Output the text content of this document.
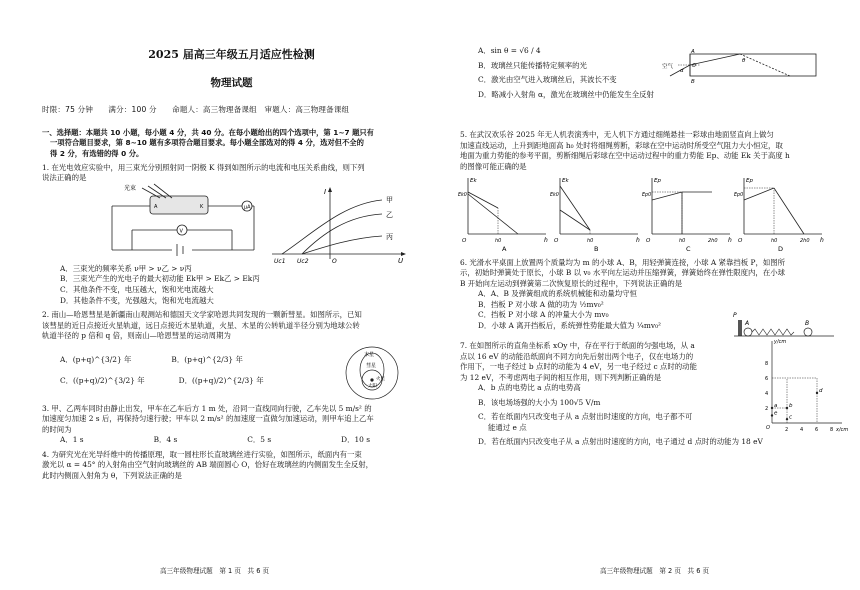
2025 届高三年级五月适应性检测
物理试题
时限：75 分钟　　满分：100 分　　命题人：高三物理备课组　审题人：高三物理备课组

一、选择题：本题共 10 小题，每小题 4 分，共 40 分。在每小题给出的四个选项中，第 1~7 题只有

一项符合题目要求，第 8~10 题有多项符合题目要求。每小题全部选对的得 4 分，选对但不全的

得 2 分，有选错的得 0 分。

1. 在光电效应实验中，用三束光分别照射同一阴极 K 得到如图所示的电流和电压关系曲线，则下列

说法正确的是

光束
μA
V
A	K
I
U
O
Uc1 Uc2
甲
乙
丙

A．三束光的频率关系 ν甲 > ν乙 > ν丙

B．三束光产生的光电子的最大初动能 Ek甲 > Ek乙 > Ek丙

C．其他条件不变，电压越大，饱和光电流越大

D．其他条件不变，光强越大，饱和光电流越大

2. 南山—哈恩彗星是新疆南山观测站和德国天文学家哈恩共同发现的一颗新彗星。如图所示，已知

该彗星的近日点接近火星轨道，远日点接近木星轨道，火星、木星的公转轨道半径分别为地球公转

轨道半径的 p 倍和 q 倍，则南山—哈恩彗星的运动周期为

A．(p+q)^{3/2} 年	B．(p+q)^{2/3} 年
C．((p+q)/2)^{3/2} 年	D．((p+q)/2)^{2/3} 年
木星
彗星
火星
太阳

3. 甲、乙两车同时由静止出发，甲车在乙车后方 1 m 处，沿同一直线同向行驶，乙车先以 5 m/s² 的

加速度匀加速 2 s 后，再保持匀速行驶；甲车以 2 m/s² 的加速度一直做匀加速运动，则甲车追上乙车

的时间为

A．1 s	B．4 s	C．5 s	D．10 s

4. 为研究光在光导纤维中的传播原理，取一圆柱形长直玻璃丝进行实验，如图所示，纸面内有一束

激光以 α = 45° 的入射角由空气射向玻璃丝的 AB 端面圆心 O，恰好在玻璃丝的内侧面发生全反射，

此时内侧面入射角为 θ，下列说法正确的是

高三年级物理试题　第 1 页　共 6 页

A．sin θ = √6 / 4

B．玻璃丝只能传播特定频率的光

C．激光由空气进入玻璃丝后，其波长不变

D．略减小入射角 α，激光在玻璃丝中仍能发生全反射

空气
A
B
O
α
θ

5. 在武汉欢乐谷 2025 年无人机表演秀中，无人机下方通过细绳悬挂一彩球由地面竖直向上做匀

加速直线运动，上升到距地面高 h₀ 处时将细绳剪断，彩球在空中运动时所受空气阻力大小恒定，取

地面为重力势能的参考平面，剪断细绳后彩球在空中运动过程中的重力势能 Ep、动能 Ek 关于高度 h

的图像可能正确的是

Ek
h
O
Ek0
h0
A
Ek
h
O
Ek0
h0
B
Ep
h
O
Ep0
h0	2h0
C
Ep
h
O
Ep0
h0	2h0
D

6. 光滑水平桌面上放置两个质量均为 m 的小球 A、B，用轻弹簧连接，小球 A 紧靠挡板 P，如图所

示，初始时弹簧处于原长，小球 B 以 v₀ 水平向左运动并压缩弹簧，弹簧始终在弹性限度内，在小球

B 开始向左运动到弹簧第二次恢复原长的过程中，下列说法正确的是

A．A、B 及弹簧组成的系统机械能和动量均守恒

B．挡板 P 对小球 A 做的功为 ½mv₀²

C．挡板 P 对小球 A 的冲量大小为 mv₀

D．小球 A 离开挡板后，系统弹性势能最大值为 ¼mv₀²

P
A	B

7. 在如图所示的直角坐标系 xOy 中，存在平行于纸面的匀强电场，从 a

点以 16 eV 的动能沿纸面向不同方向先后射出两个电子，仅在电场力的

作用下，一电子经过 b 点时的动能为 4 eV，另一电子经过 c 点时的动能

为 12 eV，不考虑两电子间的相互作用，则下列判断正确的是

A．b 点的电势比 a 点的电势高

B．该电场场强的大小为 100√5 V/m

C．若在纸面内只改变电子从 a 点射出时速度的方向，电子都不可

能通过 e 点

D．若在纸面内只改变电子从 a 点射出时速度的方向，电子通过 d 点时的动能为 18 eV

y/cm
x/cm
O
8
6
4
2
2 4 6 8
a b
c
d
e
高三年级物理试题　第 2 页　共 6 页
